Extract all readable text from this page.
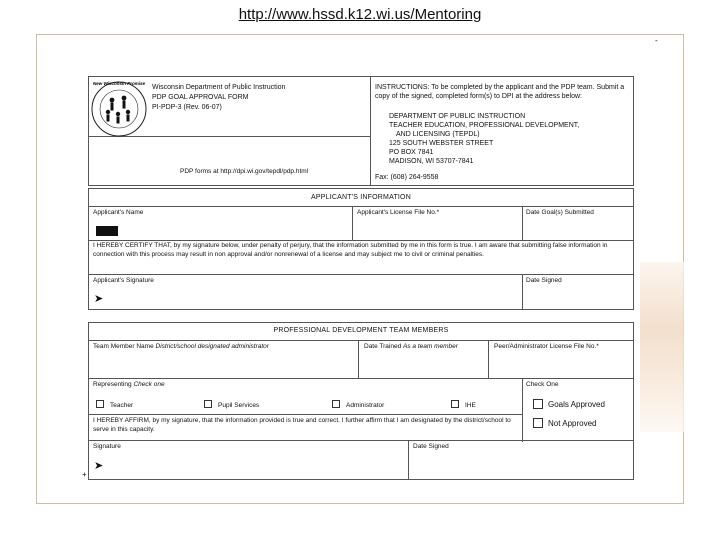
http://www.hssd.k12.wi.us/Mentoring
New Wisconsin Promise
Wisconsin Department of Public Instruction
PDP GOAL APPROVAL FORM
PI-PDP-3 (Rev. 06-07)
PDP forms at http://dpi.wi.gov/tepdl/pdp.html
INSTRUCTIONS: To be completed by the applicant and the PDP team. Submit a copy of the signed, completed form(s) to DPI at the address below:
DEPARTMENT OF PUBLIC INSTRUCTION
TEACHER EDUCATION, PROFESSIONAL DEVELOPMENT,
AND LICENSING (TEPDL)
125 SOUTH WEBSTER STREET
PO BOX 7841
MADISON, WI 53707-7841
Fax: (608) 264-9558
APPLICANT'S INFORMATION
Applicant's Name	Applicant's License File No.*	Date Goal(s) Submitted
I HEREBY CERTIFY THAT, by my signature below, under penalty of perjury, that the information submitted by me in this form is true. I am aware that submitting false information in connection with this process may result in non approval and/or nonrenewal of a license and may subject me to civil or criminal penalties.
Applicant's Signature	Date Signed
➤
PROFESSIONAL DEVELOPMENT TEAM MEMBERS
Team Member Name District/school designated administrator	Date Trained As a team member	Peer/Administrator License File No.*
Representing Check one	Check One
Teacher	Pupil Services	Administrator	IHE	Goals Approved
Not Approved
I HEREBY AFFIRM, by my signature, that the information provided is true and correct. I further affirm that I am designated by the district/school to serve in this capacity.
Signature	Date Signed
➤
-
+
